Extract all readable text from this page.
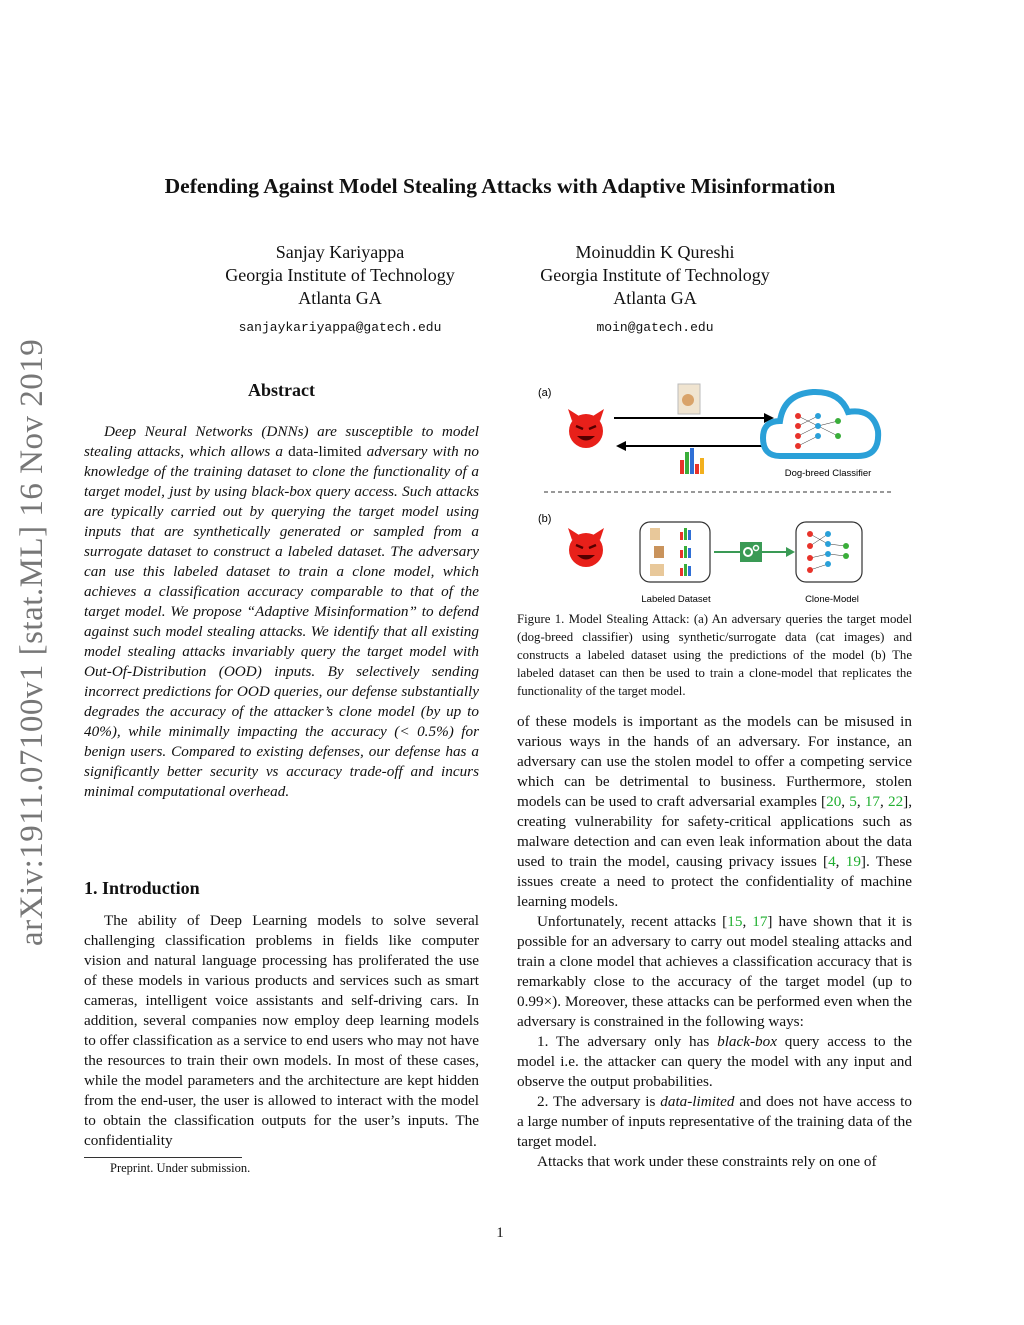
arXiv:1911.07100v1 [stat.ML] 16 Nov 2019
Defending Against Model Stealing Attacks with Adaptive Misinformation
Sanjay Kariyappa
Georgia Institute of Technology
Atlanta GA
sanjaykariyappa@gatech.edu
Moinuddin K Qureshi
Georgia Institute of Technology
Atlanta GA
moin@gatech.edu
Abstract

Deep Neural Networks (DNNs) are susceptible to model stealing attacks, which allows a data-limited adversary with no knowledge of the training dataset to clone the functionality of a target model, just by using black-box query access. Such attacks are typically carried out by querying the target model using inputs that are synthetically generated or sampled from a surrogate dataset to construct a labeled dataset. The adversary can use this labeled dataset to train a clone model, which achieves a classification accuracy comparable to that of the target model. We propose “Adaptive Misinformation” to defend against such model stealing attacks. We identify that all existing model stealing attacks invariably query the target model with Out-Of-Distribution (OOD) inputs. By selectively sending incorrect predictions for OOD queries, our defense substantially degrades the accuracy of the attacker’s clone model (by up to 40%), while minimally impacting the accuracy (< 0.5%) for benign users. Compared to existing defenses, our defense has a significantly better security vs accuracy trade-off and incurs minimal computational overhead.

1. Introduction

The ability of Deep Learning models to solve several challenging classification problems in fields like computer vision and natural language processing has proliferated the use of these models in various products and services such as smart cameras, intelligent voice assistants and self-driving cars. In addition, several companies now employ deep learning models to offer classification as a service to end users who may not have the resources to train their own models. In most of these cases, while the model parameters and the architecture are kept hidden from the end-user, the user is allowed to interact with the model to obtain the classification outputs for the user’s inputs. The confidentiality

Preprint. Under submission.
(a)
(b)
Dog-breed Classifier
Labeled Dataset	Clone-Model
Figure 1. Model Stealing Attack: (a) An adversary queries the target model (dog-breed classifier) using synthetic/surrogate data (cat images) and constructs a labeled dataset using the predictions of the model (b) The labeled dataset can then be used to train a clone-model that replicates the functionality of the target model.

of these models is important as the models can be misused in various ways in the hands of an adversary. For instance, an adversary can use the stolen model to offer a competing service which can be detrimental to business. Furthermore, stolen models can be used to craft adversarial examples [20, 5, 17, 22], creating vulnerability for safety-critical applications such as malware detection and can even leak information about the data used to train the model, causing privacy issues [4, 19]. These issues create a need to protect the confidentiality of machine learning models.

Unfortunately, recent attacks [15, 17] have shown that it is possible for an adversary to carry out model stealing attacks and train a clone model that achieves a classification accuracy that is remarkably close to the accuracy of the target model (up to 0.99×). Moreover, these attacks can be performed even when the adversary is constrained in the following ways:

1. The adversary only has black-box query access to the model i.e. the attacker can query the model with any input and observe the output probabilities.

2. The adversary is data-limited and does not have access to a large number of inputs representative of the training data of the target model.

Attacks that work under these constraints rely on one of

1
